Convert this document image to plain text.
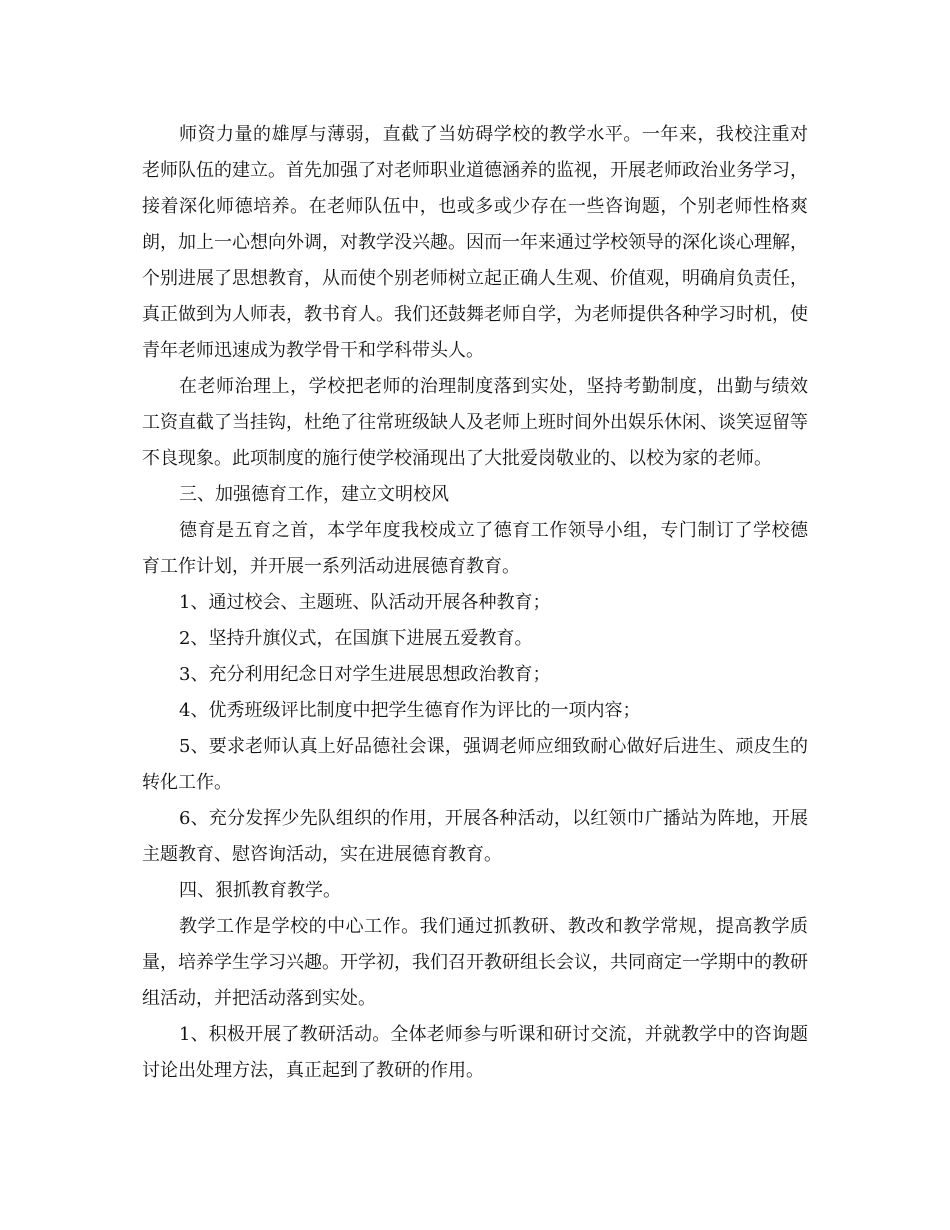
师资力量的雄厚与薄弱，直截了当妨碍学校的教学水平。一年来，我校注重对老师队伍的建立。首先加强了对老师职业道德涵养的监视，开展老师政治业务学习，接着深化师德培养。在老师队伍中，也或多或少存在一些咨询题，个别老师性格爽朗，加上一心想向外调，对教学没兴趣。因而一年来通过学校领导的深化谈心理解，个别进展了思想教育，从而使个别老师树立起正确人生观、价值观，明确肩负责任，真正做到为人师表，教书育人。我们还鼓舞老师自学，为老师提供各种学习时机，使青年老师迅速成为教学骨干和学科带头人。

在老师治理上，学校把老师的治理制度落到实处，坚持考勤制度，出勤与绩效工资直截了当挂钩，杜绝了往常班级缺人及老师上班时间外出娱乐休闲、谈笑逗留等不良现象。此项制度的施行使学校涌现出了大批爱岗敬业的、以校为家的老师。

三、加强德育工作，建立文明校风

德育是五育之首，本学年度我校成立了德育工作领导小组，专门制订了学校德育工作计划，并开展一系列活动进展德育教育。

1、通过校会、主题班、队活动开展各种教育；

2、坚持升旗仪式，在国旗下进展五爱教育。

3、充分利用纪念日对学生进展思想政治教育；

4、优秀班级评比制度中把学生德育作为评比的一项内容；

5、要求老师认真上好品德社会课，强调老师应细致耐心做好后进生、顽皮生的转化工作。

6、充分发挥少先队组织的作用，开展各种活动，以红领巾广播站为阵地，开展主题教育、慰咨询活动，实在进展德育教育。

四、狠抓教育教学。

教学工作是学校的中心工作。我们通过抓教研、教改和教学常规，提高教学质量，培养学生学习兴趣。开学初，我们召开教研组长会议，共同商定一学期中的教研组活动，并把活动落到实处。

1、积极开展了教研活动。全体老师参与听课和研讨交流，并就教学中的咨询题讨论出处理方法，真正起到了教研的作用。
